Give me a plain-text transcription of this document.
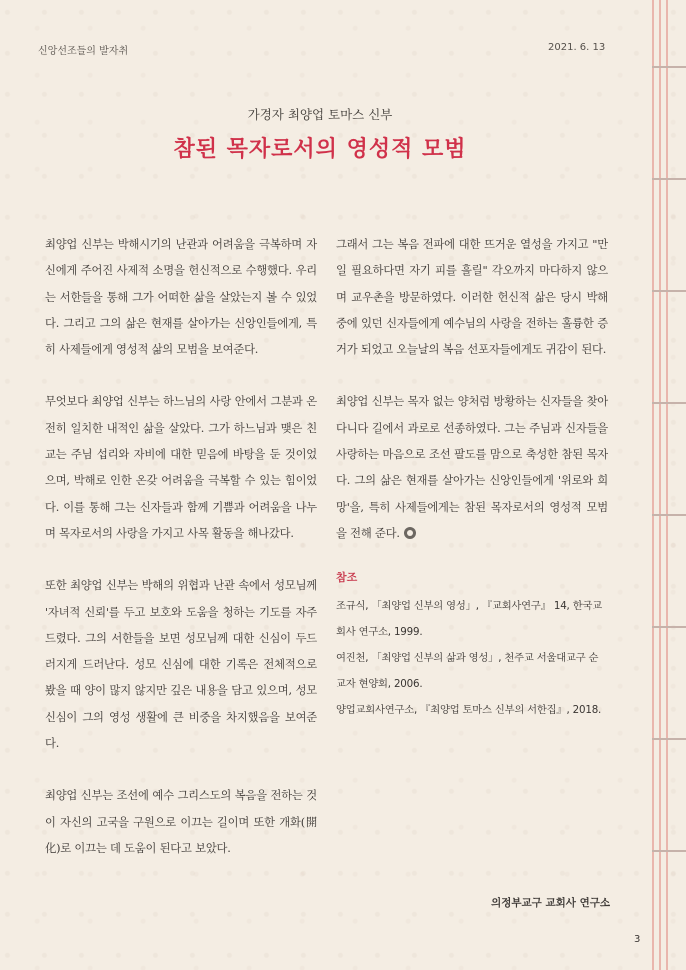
신앙선조들의 발자취	2021. 6. 13
가경자 최양업 토마스 신부
참된 목자로서의 영성적 모범

최양업 신부는 박해시기의 난관과 어려움을 극복하며 자신에게 주어진 사제적 소명을 헌신적으로 수행했다. 우리는 서한들을 통해 그가 어떠한 삶을 살았는지 볼 수 있었다. 그리고 그의 삶은 현재를 살아가는 신앙인들에게, 특히 사제들에게 영성적 삶의 모범을 보여준다.

무엇보다 최양업 신부는 하느님의 사랑 안에서 그분과 온전히 일치한 내적인 삶을 살았다. 그가 하느님과 맺은 친교는 주님 섭리와 자비에 대한 믿음에 바탕을 둔 것이었으며, 박해로 인한 온갖 어려움을 극복할 수 있는 힘이었다. 이를 통해 그는 신자들과 함께 기쁨과 어려움을 나누며 목자로서의 사랑을 가지고 사목 활동을 해나갔다.

또한 최양업 신부는 박해의 위협과 난관 속에서 성모님께 '자녀적 신뢰'를 두고 보호와 도움을 청하는 기도를 자주 드렸다. 그의 서한들을 보면 성모님께 대한 신심이 두드러지게 드러난다. 성모 신심에 대한 기록은 전체적으로 봤을 때 양이 많지 않지만 깊은 내용을 담고 있으며, 성모 신심이 그의 영성 생활에 큰 비중을 차지했음을 보여준다.

최양업 신부는 조선에 예수 그리스도의 복음을 전하는 것이 자신의 고국을 구원으로 이끄는 길이며 또한 개화(開化)로 이끄는 데 도움이 된다고 보았다.

그래서 그는 복음 전파에 대한 뜨거운 열성을 가지고 "만일 필요하다면 자기 피를 흘릴" 각오까지 마다하지 않으며 교우촌을 방문하였다. 이러한 헌신적 삶은 당시 박해 중에 있던 신자들에게 예수님의 사랑을 전하는 훌륭한 증거가 되었고 오늘날의 복음 선포자들에게도 귀감이 된다.

최양업 신부는 목자 없는 양처럼 방황하는 신자들을 찾아다니다 길에서 과로로 선종하였다. 그는 주님과 신자들을 사랑하는 마음으로 조선 팔도를 맘으로 축성한 참된 목자다. 그의 삶은 현재를 살아가는 신앙인들에게 '위로와 희망'을, 특히 사제들에게는 참된 목자로서의 영성적 모범을 전해 준다.

참조

조규식, 「최양업 신부의 영성」, 『교회사연구』 14, 한국교회사 연구소, 1999.

여진천, 「최양업 신부의 삶과 영성」, 천주교 서울대교구 순교자 현양회, 2006.

양업교회사연구소, 『최양업 토마스 신부의 서한집』, 2018.

의정부교구 교회사 연구소
3
